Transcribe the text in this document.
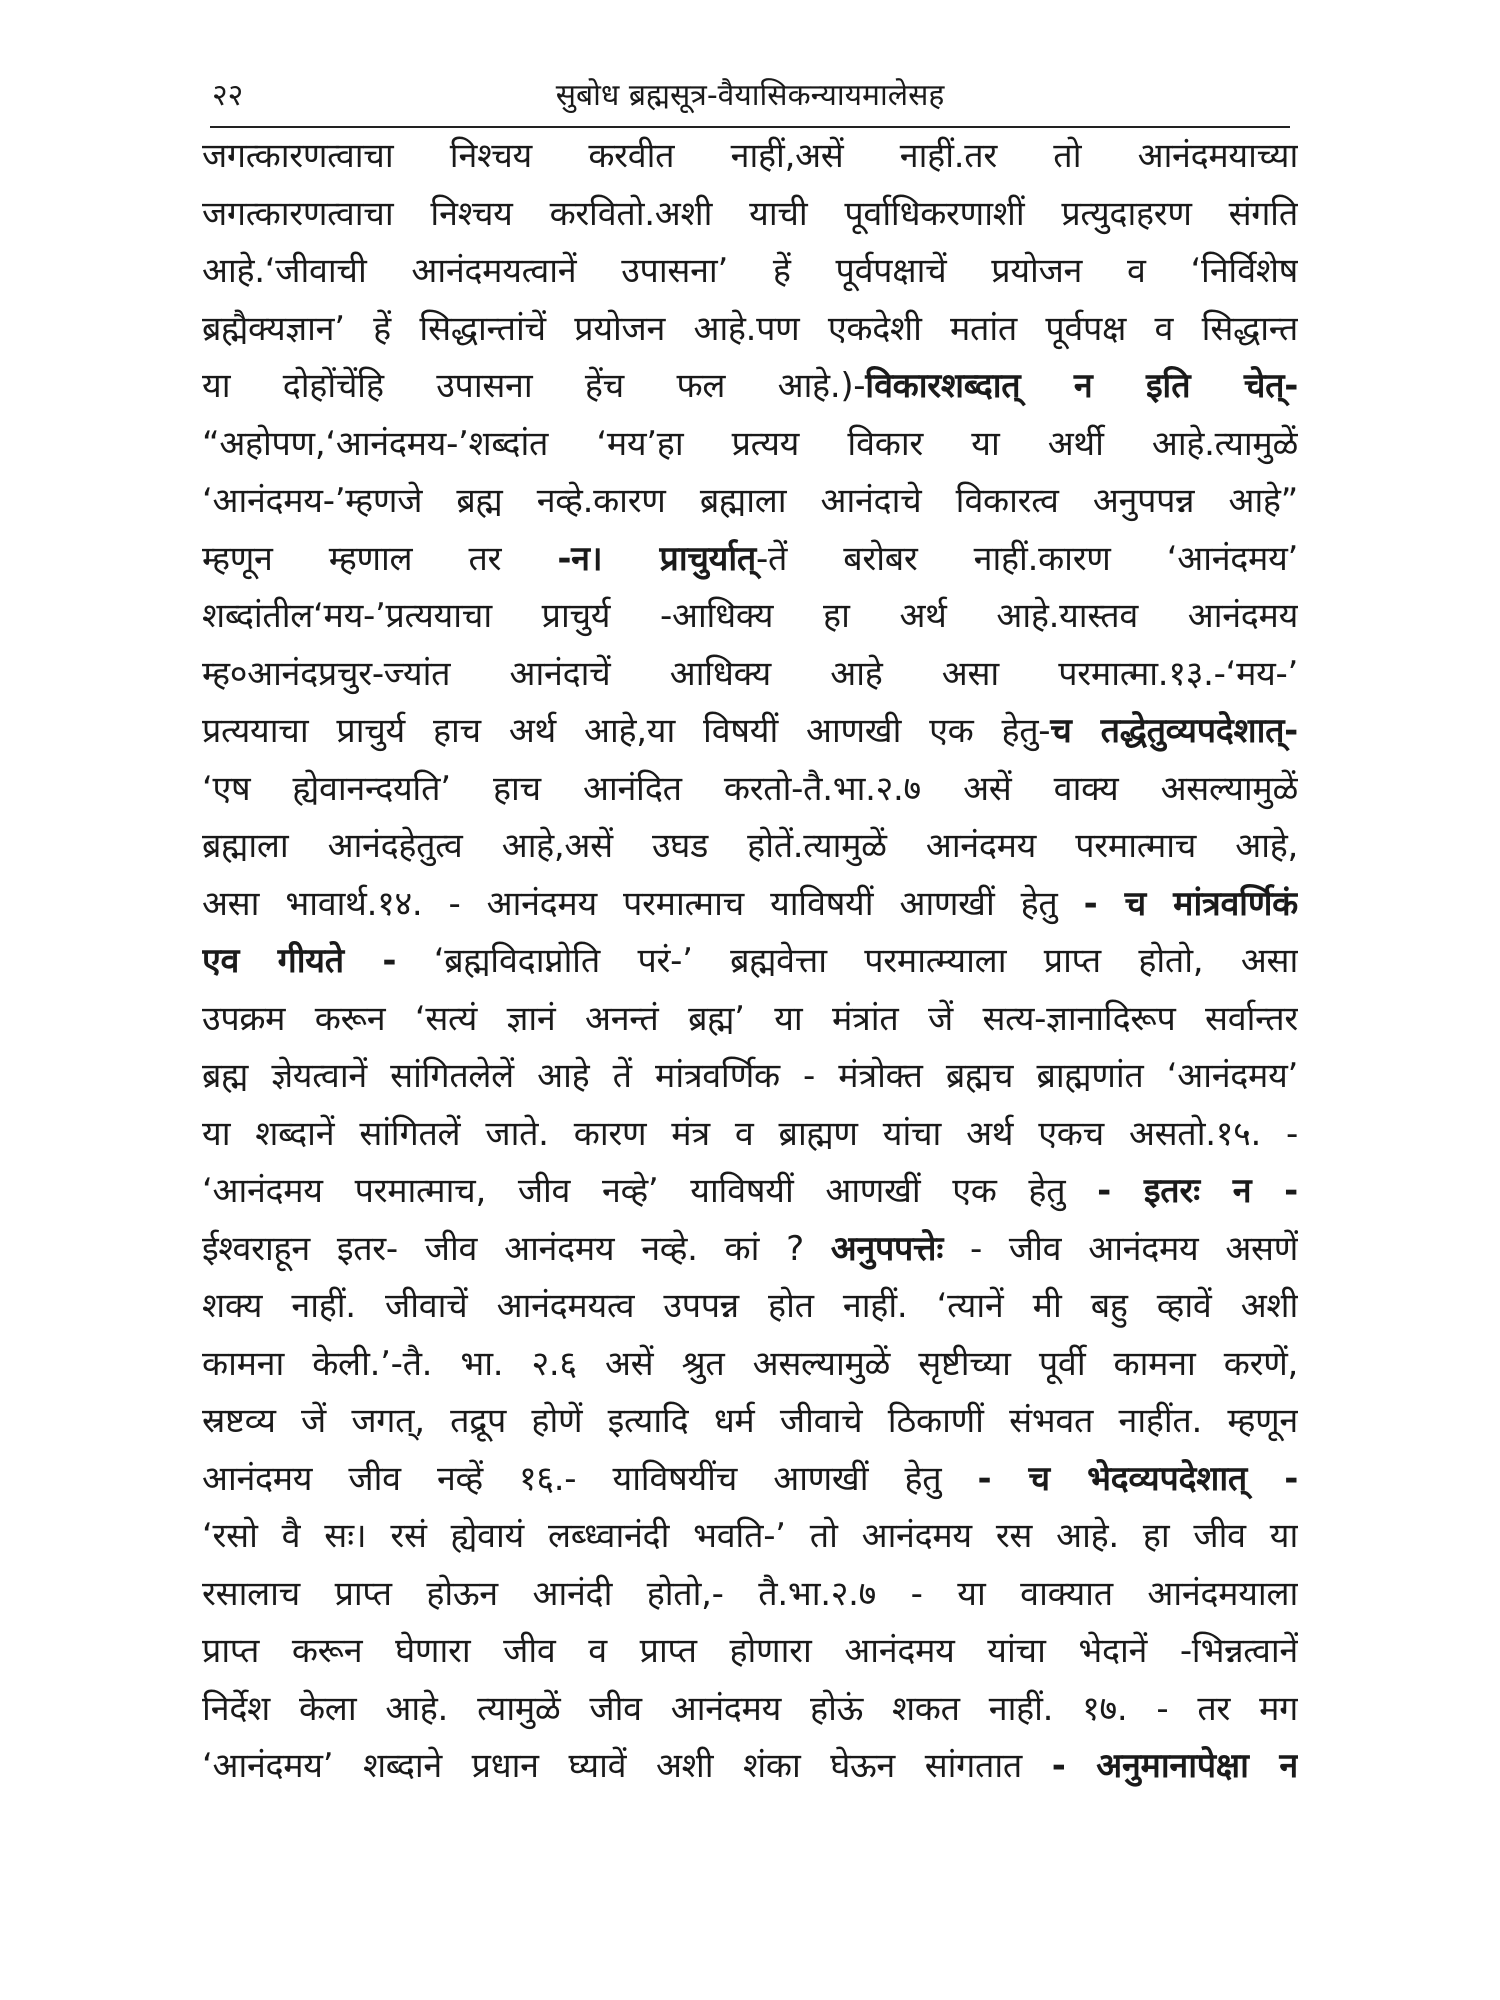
२२	सुबोध ब्रह्मसूत्र-वैयासिकन्यायमालेसह
जगत्कारणत्वाचा निश्चय करवीत नाहीं,असें नाहीं.तर तो आनंदमयाच्या
जगत्कारणत्वाचा निश्चय करवितो.अशी याची पूर्वाधिकरणाशीं प्रत्युदाहरण संगति
आहे.‘जीवाची आनंदमयत्वानें उपासना’ हें पूर्वपक्षाचें प्रयोजन व ‘निर्विशेष
ब्रह्मैक्यज्ञान’ हें सिद्धान्तांचें प्रयोजन आहे.पण एकदेशी मतांत पूर्वपक्ष व सिद्धान्त
या दोहोंचेंहि उपासना हेंच फल आहे.)-विकारशब्दात् न इति चेत्-
“अहोपण,‘आनंदमय-’शब्दांत ‘मय’हा प्रत्यय विकार या अर्थी आहे.त्यामुळें
‘आनंदमय-’म्हणजे ब्रह्म नव्हे.कारण ब्रह्माला आनंदाचे विकारत्व अनुपपन्न आहे”
म्हणून म्हणाल तर -न। प्राचुर्यात्-तें बरोबर नाहीं.कारण ‘आनंदमय’
शब्दांतील‘मय-’प्रत्ययाचा प्राचुर्य -आधिक्य हा अर्थ आहे.यास्तव आनंदमय
म्ह०आनंदप्रचुर-ज्यांत आनंदाचें आधिक्य आहे असा परमात्मा.१३.-‘मय-’
प्रत्ययाचा प्राचुर्य हाच अर्थ आहे,या विषयीं आणखी एक हेतु-च तद्धेतुव्यपदेशात्-
‘एष ह्येवानन्दयति’ हाच आनंदित करतो-तै.भा.२.७ असें वाक्य असल्यामुळें
ब्रह्माला आनंदहेतुत्व आहे,असें उघड होतें.त्यामुळें आनंदमय परमात्माच आहे,
असा भावार्थ.१४. - आनंदमय परमात्माच याविषयीं आणखीं हेतु - च मांत्रवर्णिकं
एव गीयते - ‘ब्रह्मविदाप्नोति परं-’ ब्रह्मवेत्ता परमात्म्याला प्राप्त होतो, असा
उपक्रम करून ‘सत्यं ज्ञानं अनन्तं ब्रह्म’ या मंत्रांत जें सत्य-ज्ञानादिरूप सर्वान्तर
ब्रह्म ज्ञेयत्वानें सांगितलेलें आहे तें मांत्रवर्णिक - मंत्रोक्त ब्रह्मच ब्राह्मणांत ‘आनंदमय’
या शब्दानें सांगितलें जाते. कारण मंत्र व ब्राह्मण यांचा अर्थ एकच असतो.१५. -
‘आनंदमय परमात्माच, जीव नव्हे’ याविषयीं आणखीं एक हेतु - इतरः न -
ईश्वराहून इतर- जीव आनंदमय नव्हे. कां ? अनुपपत्तेः - जीव आनंदमय असणें
शक्य नाहीं. जीवाचें आनंदमयत्व उपपन्न होत नाहीं. ‘त्यानें मी बहु व्हावें अशी
कामना केली.’-तै. भा. २.६ असें श्रुत असल्यामुळें सृष्टीच्या पूर्वी कामना करणें,
स्रष्टव्य जें जगत्, तद्रूप होणें इत्यादि धर्म जीवाचे ठिकाणीं संभवत नाहींत. म्हणून
आनंदमय जीव नव्हें १६.- याविषयींच आणखीं हेतु - च भेदव्यपदेशात् -
‘रसो वै सः। रसं ह्येवायं लब्ध्वानंदी भवति-’ तो आनंदमय रस आहे. हा जीव या
रसालाच प्राप्त होऊन आनंदी होतो,- तै.भा.२.७ - या वाक्यात आनंदमयाला
प्राप्त करून घेणारा जीव व प्राप्त होणारा आनंदमय यांचा भेदानें -भिन्नत्वानें
निर्देश केला आहे. त्यामुळें जीव आनंदमय होऊं शकत नाहीं. १७. - तर मग
‘आनंदमय’ शब्दाने प्रधान घ्यावें अशी शंका घेऊन सांगतात - अनुमानापेक्षा न
